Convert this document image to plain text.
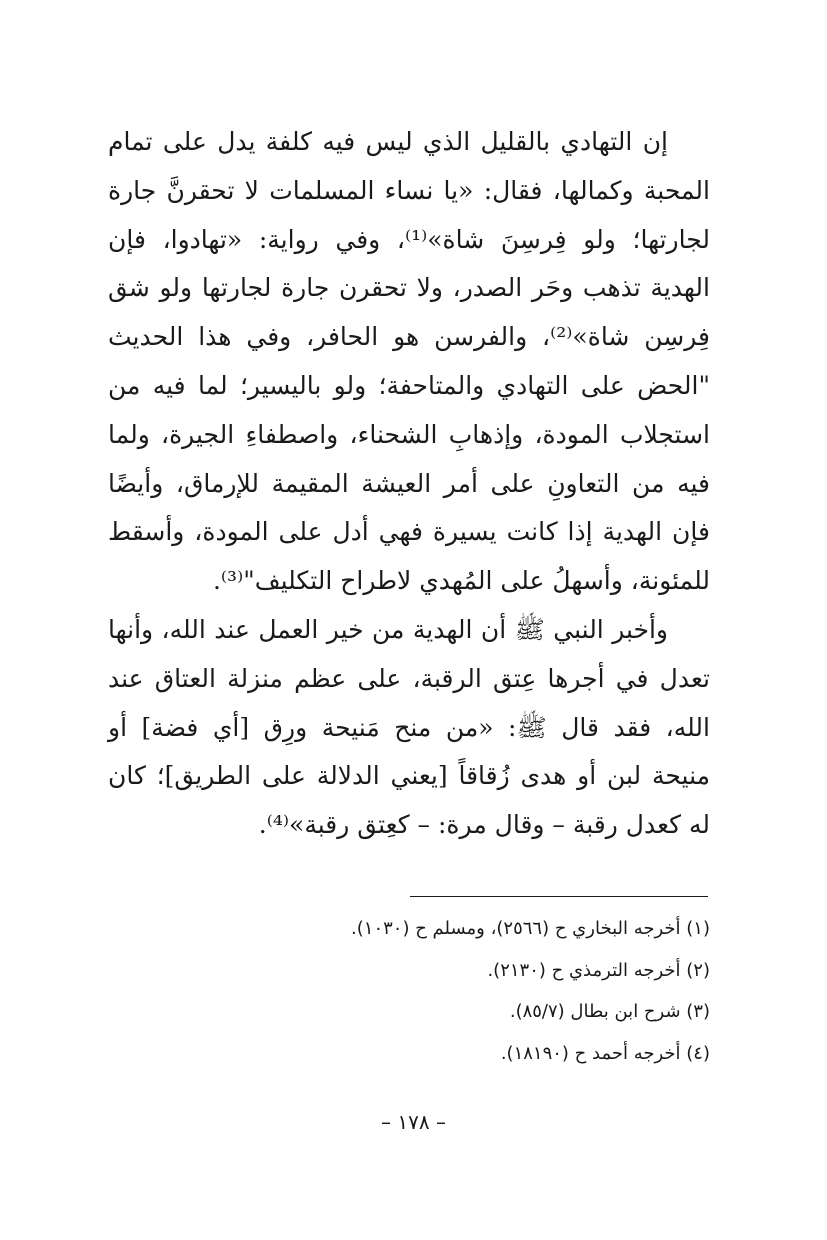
إن التهادي بالقليل الذي ليس فيه كلفة يدل على تمام المحبة وكمالها، فقال: «يا نساء المسلمات لا تحقرنَّ جارة لجارتها؛ ولو فِرسِنَ شاة»⁽¹⁾، وفي رواية: «تهادوا، فإن الهدية تذهب وحَر الصدر، ولا تحقرن جارة لجارتها ولو شق فِرسِن شاة»⁽²⁾، والفرسن هو الحافر، وفي هذا الحديث "الحض على التهادي والمتاحفة؛ ولو باليسير؛ لما فيه من استجلاب المودة، وإذهابِ الشحناء، واصطفاءِ الجيرة، ولما فيه من التعاونِ على أمر العيشة المقيمة للإرماق، وأيضًا فإن الهدية إذا كانت يسيرة فهي أدل على المودة، وأسقط للمئونة، وأسهلُ على المُهدي لاطراح التكليف"⁽³⁾.

وأخبر النبي ﷺ أن الهدية من خير العمل عند الله، وأنها تعدل في أجرها عِتق الرقبة، على عظم منزلة العتاق عند الله، فقد قال ﷺ: «من منح مَنيحة ورِق [أي فضة] أو منيحة لبن أو هدى زُقاقاً [يعني الدلالة على الطريق]؛ كان له كعدل رقبة – وقال مرة: – كعِتق رقبة»⁽⁴⁾.

(١) أخرجه البخاري ح (٢٥٦٦)، ومسلم ح (١٠٣٠).
(٢) أخرجه الترمذي ح (٢١٣٠).
(٣) شرح ابن بطال (٨٥/٧).
(٤) أخرجه أحمد ح (١٨١٩٠).
– ١٧٨ –
